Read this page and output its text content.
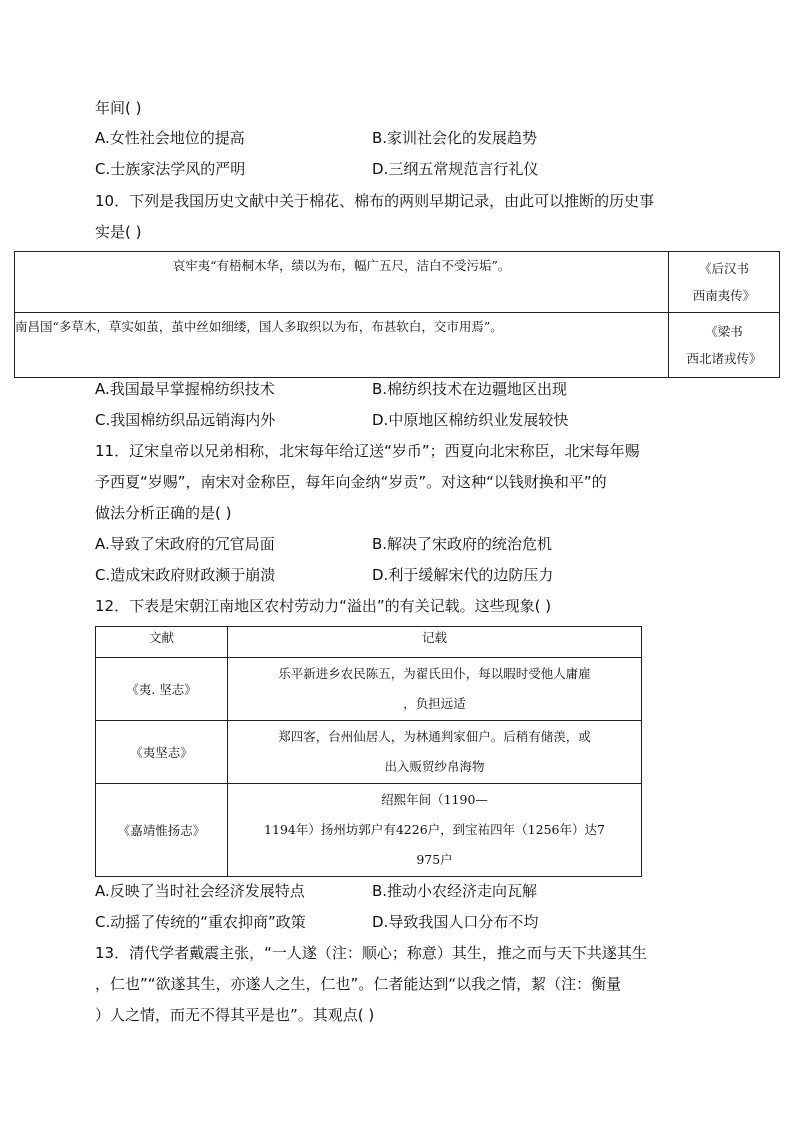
年间( )
A.女性社会地位的提高	B.家训社会化的发展趋势
C.士族家法学风的严明	D.三纲五常规范言行礼仪
10．下列是我国历史文献中关于棉花、棉布的两则早期记录，由此可以推断的历史事
实是( )
哀牢夷“有梧桐木华，绩以为布，幅广五尺，洁白不受污垢”。	《后汉书
西南夷传》

南昌国“多草木，草实如茧，茧中丝如细缕，国人多取织以为布，布甚软白，交市用焉”。	《梁书
西北诸戎传》
A.我国最早掌握棉纺织技术	B.棉纺织技术在边疆地区出现
C.我国棉纺织品远销海内外	D.中原地区棉纺织业发展较快
11．辽宋皇帝以兄弟相称，北宋每年给辽送“岁币”；西夏向北宋称臣，北宋每年赐
予西夏“岁赐”，南宋对金称臣，每年向金纳“岁贡”。对这种“以钱财换和平”的
做法分析正确的是( )
A.导致了宋政府的冗官局面	B.解决了宋政府的统治危机
C.造成宋政府财政濒于崩溃	D.利于缓解宋代的边防压力
12．下表是宋朝江南地区农村劳动力“溢出”的有关记载。这些现象( )
文献	记载
《夷. 坚志》	乐平新进乡农民陈五，为翟氏田仆，每以暇时受他人庸雇
，负担远适

《夷坚志》	郑四客，台州仙居人，为林通判家佃户。后稍有储羡，或
出入贩贸纱帛海物

《嘉靖惟扬志》	绍熙年间（1190—
1194年）扬州坊郭户有4226户，到宝祐四年（1256年）达7
975户
A.反映了当时社会经济发展特点	B.推动小农经济走向瓦解
C.动摇了传统的“重农抑商”政策	D.导致我国人口分布不均
13．清代学者戴震主张，“一人遂（注：顺心；称意）其生，推之而与天下共遂其生
，仁也”“欲遂其生，亦遂人之生，仁也”。仁者能达到“以我之情，絜（注：衡量
）人之情，而无不得其平是也”。其观点( )
